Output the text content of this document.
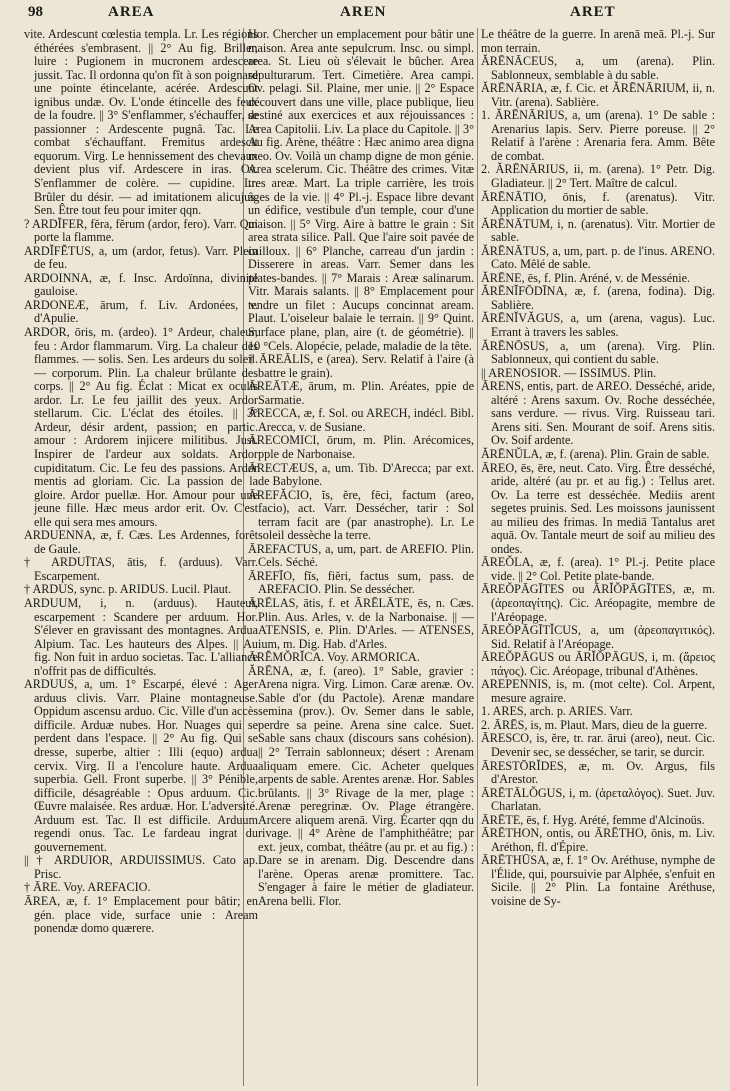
98	AREA	AREN	ARET

vite. Ardescunt cœlestia templa. Lr. Les régions éthérées s'embrasent. || 2° Au fig. Briller, luire : Pugionem in mucronem ardescere jussit. Tac. Il ordonna qu'on fît à son poignard une pointe étincelante, acérée. Ardescunt ignibus undæ. Ov. L'onde étincelle des feux de la foudre. || 3° S'enflammer, s'échauffer, se passionner : Ardescente pugnâ. Tac. Le combat s'échauffant. Fremitus ardescit equorum. Virg. Le hennissement des chevaux devient plus vif. Ardescere in iras. Ov. S'enflammer de colère. — cupidine. Lr. Brûler du désir. — ad imitationem alicujus. Sen. Être tout feu pour imiter qqn.

? ARDĬFER, fĕra, fĕrum (ardor, fero). Varr. Qui porte la flamme.

ARDĬFĔTUS, a, um (ardor, fetus). Varr. Plein de feu.

ARDOINNA, æ, f. Insc. Ardoïnna, divinité gauloise.

ARDONEÆ, ārum, f. Liv. Ardonées, v. d'Apulie.

ARDOR, ōris, m. (ardeo). 1° Ardeur, chaleur, feu : Ardor flammarum. Virg. La chaleur des flammes. — solis. Sen. Les ardeurs du soleil. — corporum. Plin. La chaleur brûlante des corps. || 2° Au fig. Éclat : Micat ex oculis ardor. Lr. Le feu jaillit des yeux. Ardor stellarum. Cic. L'éclat des étoiles. || 3° Ardeur, désir ardent, passion; en partic. amour : Ardorem injicere militibus. Just. Inspirer de l'ardeur aux soldats. Ardor cupiditatum. Cic. Le feu des passions. Ardor mentis ad gloriam. Cic. La passion de la gloire. Ardor puellæ. Hor. Amour pour une jeune fille. Hæc meus ardor erit. Ov. C'est elle qui sera mes amours.

ARDUENNA, æ, f. Cæs. Les Ardennes, forêt de Gaule.

† ARDUĪTAS, ātis, f. (arduus). Varr. Escarpement.

† ARDUS, sync. p. ARIDUS. Lucil. Plaut.

ARDUUM, i, n. (arduus). Hauteur, escarpement : Scandere per arduum. Hor. S'élever en gravissant des montagnes. Ardua Alpium. Tac. Les hauteurs des Alpes. || Au fig. Non fuit in arduo societas. Tac. L'alliance n'offrit pas de difficultés.

ARDUUS, a, um. 1° Escarpé, élevé : Ager arduus clivis. Varr. Plaine montagneuse. Oppidum ascensu arduo. Cic. Ville d'un accès difficile. Arduæ nubes. Hor. Nuages qui se perdent dans l'espace. || 2° Au fig. Qui se dresse, superbe, altier : Illi (equo) ardua cervix. Virg. Il a l'encolure haute. Ardua superbia. Gell. Front superbe. || 3° Pénible, difficile, désagréable : Opus arduum. Cic. Œuvre malaisée. Res arduæ. Hor. L'adversité. Arduum est. Tac. Il est difficile. Arduum regendi onus. Tac. Le fardeau ingrat du gouvernement.

|| † ARDUIOR, ARDUISSIMUS. Cato ap. Prisc.

† ĀRE. Voy. AREFACIO.

ĀREA, æ, f. 1° Emplacement pour bâtir; en gén. place vide, surface unie : Aream ponendæ domo quærere.

Hor. Chercher un emplacement pour bâtir une maison. Area ante sepulcrum. Insc. ou simpl. area. St. Lieu où s'élevait le bûcher. Area sepulturarum. Tert. Cimetière. Area campi. Ov. pelagi. Sil. Plaine, mer unie. || 2° Espace découvert dans une ville, place publique, lieu destiné aux exercices et aux réjouissances : Area Capitolii. Liv. La place du Capitole. || 3° Au fig. Arène, théâtre : Hæc animo area digna meo. Ov. Voilà un champ digne de mon génie. Area scelerum. Cic. Théâtre des crimes. Vitæ tres areæ. Mart. La triple carrière, les trois âges de la vie. || 4° Pl.-j. Espace libre devant un édifice, vestibule d'un temple, cour d'une maison. || 5° Virg. Aire à battre le grain : Sit area strata silice. Pall. Que l'aire soit pavée de cailloux. || 6° Planche, carreau d'un jardin : Disserere in areas. Varr. Semer dans les plates-bandes. || 7° Marais : Areæ salinarum. Vitr. Marais salants. || 8° Emplacement pour tendre un filet : Aucups concinnat aream. Plaut. L'oiseleur balaie le terrain. || 9° Quint. Surface plane, plan, aire (t. de géométrie). || 10 °Cels. Alopécie, pelade, maladie de la tête.

† ĀREĀLIS, e (area). Serv. Relatif à l'aire (à battre le grain).

ĀREĀTÆ, ārum, m. Plin. Aréates, ppie de Sarmatie.

ĀRECCA, æ, f. Sol. ou ARECH, indécl. Bibl. Arecca, v. de Susiane.

ĀRECOMICI, ōrum, m. Plin. Arécomices, pple de Narbonaise.

ĀRECTÆUS, a, um. Tib. D'Arecca; par ext. de Babylone.

ĀREFĂCIO, ĭs, ĕre, fēci, factum (areo, facio), act. Varr. Dessécher, tarir : Sol terram facit are (par anastrophe). Lr. Le soleil dessèche la terre.

ĀREFACTUS, a, um, part. de AREFIO. Plin. Cels. Séché.

ĀREFĪO, fĭs, fiĕri, factus sum, pass. de AREFACIO. Plin. Se dessécher.

ĀRĒLAS, ātis, f. et ĀRĒLĀTE, ēs, n. Cæs. Plin. Aus. Arles, v. de la Narbonaise. || — ATENSIS, e. Plin. D'Arles. — ATENSES, ium, m. Dig. Hab. d'Arles.

ĀRĔMŎRĬCA. Voy. ARMORICA.

ĂRĒNA, æ, f. (areo). 1° Sable, gravier : Arena nigra. Virg. Limon. Caræ arenæ. Ov. Sable d'or (du Pactole). Arenæ mandare semina (prov.). Ov. Semer dans le sable, perdre sa peine. Arena sine calce. Suet. Sable sans chaux (discours sans cohésion). || 2° Terrain sablonneux; désert : Arenam aliquam emere. Cic. Acheter quelques arpents de sable. Arentes arenæ. Hor. Sables brûlants. || 3° Rivage de la mer, plage : Arenæ peregrinæ. Ov. Plage étrangère. Arcere aliquem arenā. Virg. Écarter qqn du rivage. || 4° Arène de l'amphithéâtre; par ext. jeux, combat, théâtre (au pr. et au fig.) : Dare se in arenam. Dig. Descendre dans l'arène. Operas arenæ promittere. Tac. S'engager à faire le métier de gladiateur. Arena belli. Flor.

Le théâtre de la guerre. In arenā meā. Pl.-j. Sur mon terrain.

ĂRĒNĀCEUS, a, um (arena). Plin. Sablonneux, semblable à du sable.

ĂRĒNĀRIA, æ, f. Cic. et ĂRĒNĀRIUM, ii, n. Vitr. (arena). Sablière.

1. ĂRĒNĀRIUS, a, um (arena). 1° De sable : Arenarius lapis. Serv. Pierre poreuse. || 2° Relatif à l'arène : Arenaria fera. Amm. Bête de combat.

2. ĂRĒNĀRIUS, ii, m. (arena). 1° Petr. Dig. Gladiateur. || 2° Tert. Maître de calcul.

ĂRĒNĀTIO, ōnis, f. (arenatus). Vitr. Application du mortier de sable.

ĂRĒNĀTUM, i, n. (arenatus). Vitr. Mortier de sable.

ĂRĒNĀTUS, a, um, part. p. de l'inus. ARENO. Cato. Mêlé de sable.

ĂRĒNE, ēs, f. Plin. Aréné, v. de Messénie.

ĂRĒNĬFŌDĪNA, æ, f. (arena, fodina). Dig. Sablière.

ĂRĒNĬVĂGUS, a, um (arena, vagus). Luc. Errant à travers les sables.

ĂRĒNŌSUS, a, um (arena). Virg. Plin. Sablonneux, qui contient du sable.

|| ARENOSIOR. — ISSIMUS. Plin.

ĀRENS, entis, part. de AREO. Desséché, aride, altéré : Arens saxum. Ov. Roche desséchée, sans verdure. — rivus. Virg. Ruisseau tari. Arens siti. Sen. Mourant de soif. Arens sitis. Ov. Soif ardente.

ĂRĒNŬLA, æ, f. (arena). Plin. Grain de sable.

ĀREO, ēs, ēre, neut. Cato. Virg. Être desséché, aride, altéré (au pr. et au fig.) : Tellus aret. Ov. La terre est desséchée. Mediis arent segetes pruinis. Sed. Les moissons jaunissent au milieu des frimas. In mediā Tantalus aret aquā. Ov. Tantale meurt de soif au milieu des ondes.

ĀREŎLA, æ, f. (area). 1° Pl.-j. Petite place vide. || 2° Col. Petite plate-bande.

ĀREŎPĀGĪTES ou ĀRĬŎPĀGĪTES, æ, m. (ἀρεοπαγίτης). Cic. Aréopagite, membre de l'Aréopage.

ĀREŎPĀGĪTĬCUS, a, um (ἀρεοπαγιτικός). Sid. Relatif à l'Aréopage.

ĀREŎPĀGUS ou ĀRĬŎPĀGUS, i, m. (ἄρειος πάγος). Cic. Aréopage, tribunal d'Athènes.

AREPENNIS, is, m. (mot celte). Col. Arpent, mesure agraire.

1. ARES, arch. p. ARIES. Varr.

2. ĀRĒS, is, m. Plaut. Mars, dieu de la guerre.

ĀRESCO, is, ĕre, tr. rar. ārui (areo), neut. Cic. Devenir sec, se dessécher, se tarir, se durcir.

ĀRESTŌRĬDES, æ, m. Ov. Argus, fils d'Arestor.

ĀRĒTĀLŎGUS, i, m. (ἀρεταλόγος). Suet. Juv. Charlatan.

ĀRĒTE, ēs, f. Hyg. Arété, femme d'Alcinoüs.

ĀRĒTHON, ontis, ou ĀRĒTHO, ōnis, m. Liv. Aréthon, fl. d'Épire.

ĀRĒTHŪSA, æ, f. 1° Ov. Aréthuse, nymphe de l'Élide, qui, poursuivie par Alphée, s'enfuit en Sicile. || 2° Plin. La fontaine Aréthuse, voisine de Sy-
